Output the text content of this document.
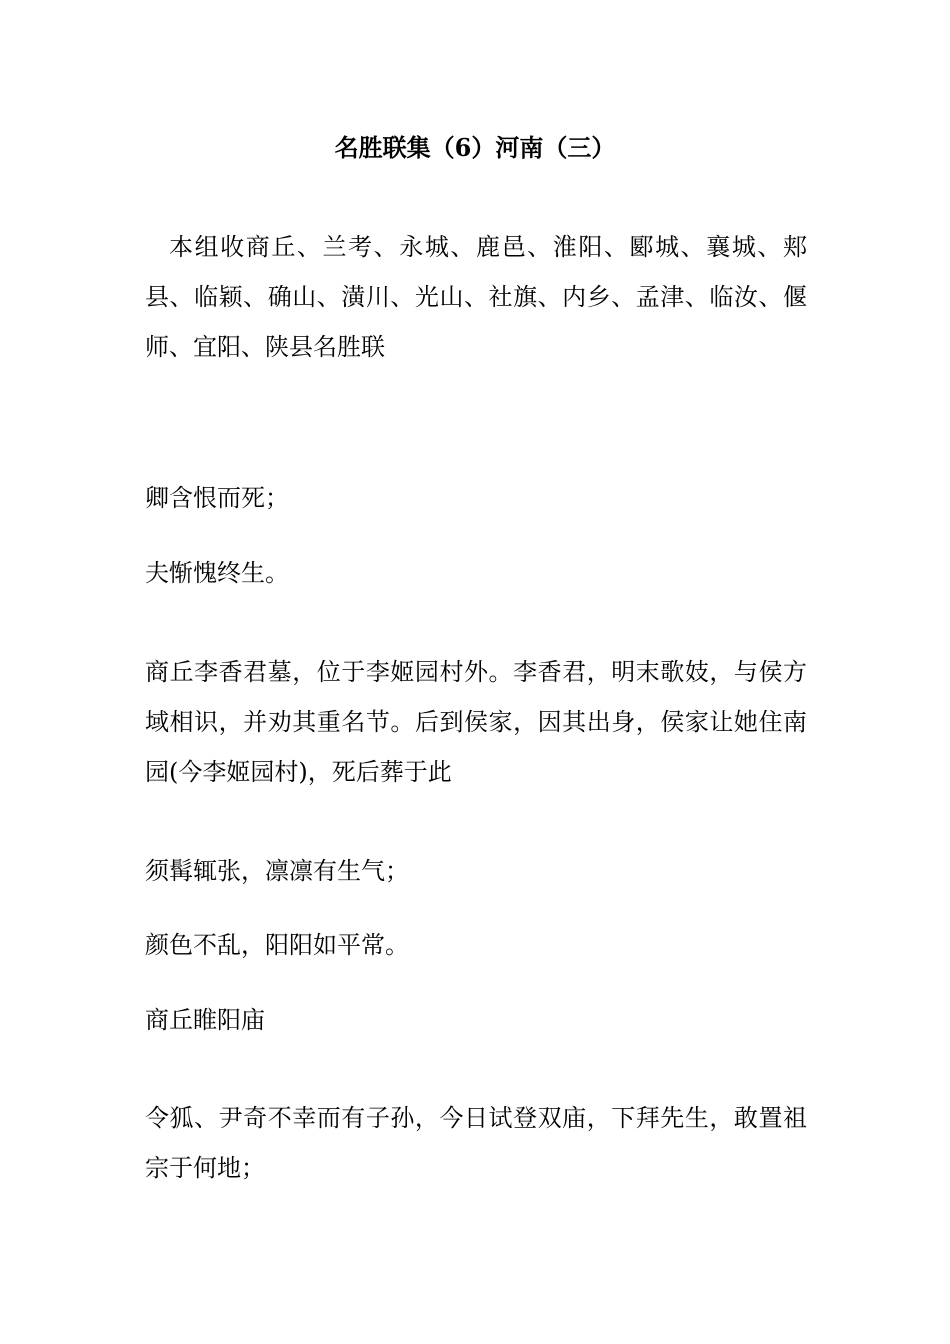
名胜联集（6）河南（三）

本组收商丘、兰考、永城、鹿邑、淮阳、郾城、襄城、郏县、临颖、确山、潢川、光山、社旗、内乡、孟津、临汝、偃师、宜阳、陕县名胜联

卿含恨而死；

夫惭愧终生。

商丘李香君墓，位于李姬园村外。李香君，明末歌妓，与侯方域相识，并劝其重名节。后到侯家，因其出身，侯家让她住南园(今李姬园村)，死后葬于此

须髯辄张，凛凛有生气；

颜色不乱，阳阳如平常。

商丘睢阳庙

令狐、尹奇不幸而有子孙，今日试登双庙，下拜先生，敢置祖宗于何地；
